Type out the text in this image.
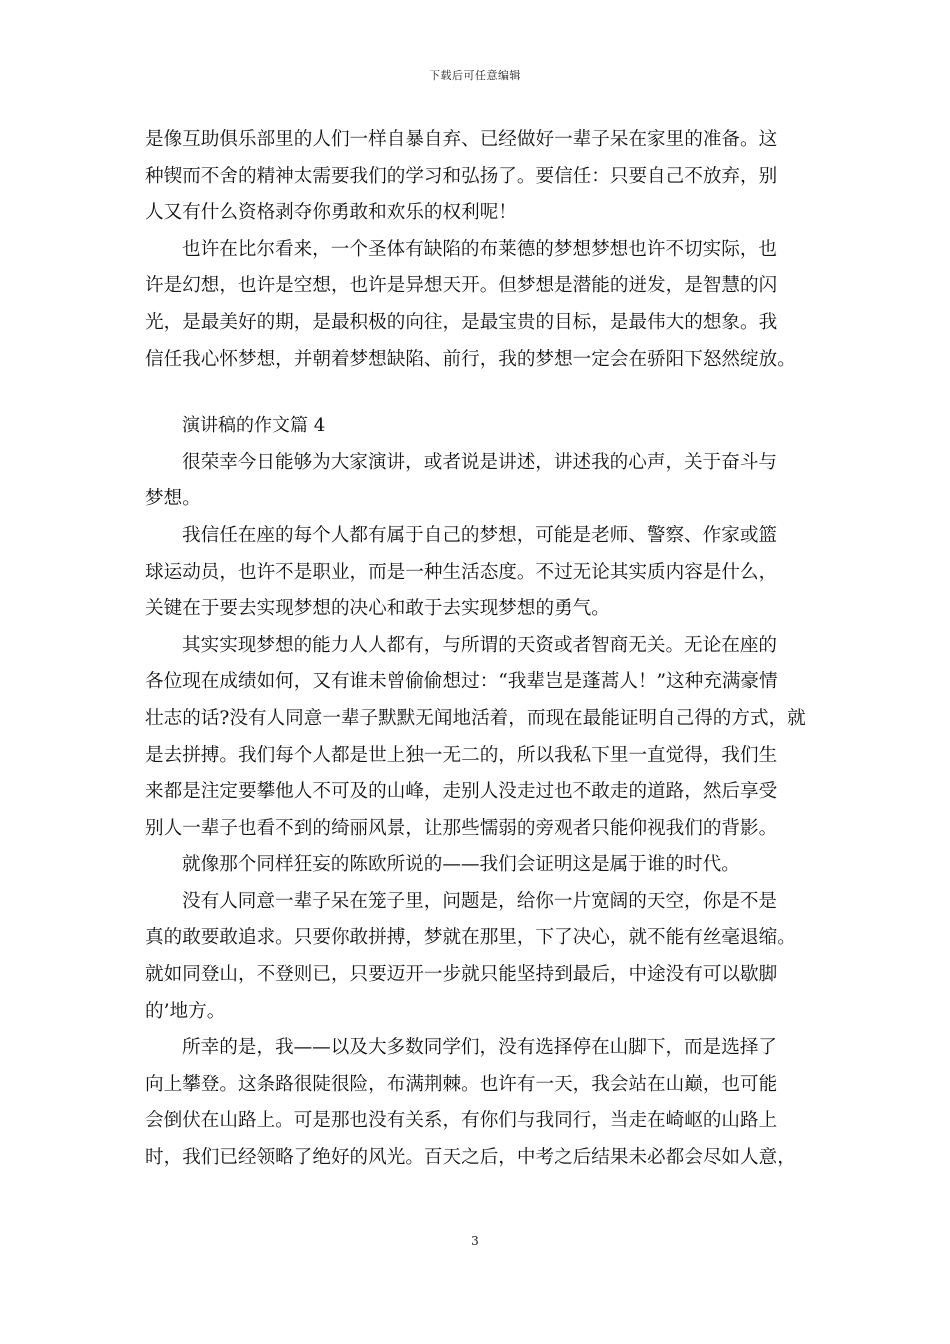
下载后可任意编辑
是像互助俱乐部里的人们一样自暴自弃、已经做好一辈子呆在家里的准备。这
种锲而不舍的精神太需要我们的学习和弘扬了。要信任：只要自己不放弃，别
人又有什么资格剥夺你勇敢和欢乐的权利呢！
也许在比尔看来，一个圣体有缺陷的布莱德的梦想梦想也许不切实际，也
许是幻想，也许是空想，也许是异想天开。但梦想是潜能的迸发，是智慧的闪
光，是最美好的期，是最积极的向往，是最宝贵的目标，是最伟大的想象。我
信任我心怀梦想，并朝着梦想缺陷、前行，我的梦想一定会在骄阳下怒然绽放。
演讲稿的作文篇 4
很荣幸今日能够为大家演讲，或者说是讲述，讲述我的心声，关于奋斗与
梦想。
我信任在座的每个人都有属于自己的梦想，可能是老师、警察、作家或篮
球运动员，也许不是职业，而是一种生活态度。不过无论其实质内容是什么，
关键在于要去实现梦想的决心和敢于去实现梦想的勇气。
其实实现梦想的能力人人都有，与所谓的天资或者智商无关。无论在座的
各位现在成绩如何，又有谁未曾偷偷想过：“我辈岂是蓬蒿人！”这种充满豪情
壮志的话?没有人同意一辈子默默无闻地活着，而现在最能证明自己得的方式，就
是去拼搏。我们每个人都是世上独一无二的，所以我私下里一直觉得，我们生
来都是注定要攀他人不可及的山峰，走别人没走过也不敢走的道路，然后享受
别人一辈子也看不到的绮丽风景，让那些懦弱的旁观者只能仰视我们的背影。
就像那个同样狂妄的陈欧所说的——我们会证明这是属于谁的时代。
没有人同意一辈子呆在笼子里，问题是，给你一片宽阔的天空，你是不是
真的敢要敢追求。只要你敢拼搏，梦就在那里，下了决心，就不能有丝毫退缩。
就如同登山，不登则已，只要迈开一步就只能坚持到最后，中途没有可以歇脚
的’地方。
所幸的是，我——以及大多数同学们，没有选择停在山脚下，而是选择了
向上攀登。这条路很陡很险，布满荆棘。也许有一天，我会站在山巅，也可能
会倒伏在山路上。可是那也没有关系，有你们与我同行，当走在崎岖的山路上
时，我们已经领略了绝好的风光。百天之后，中考之后结果未必都会尽如人意，
3
